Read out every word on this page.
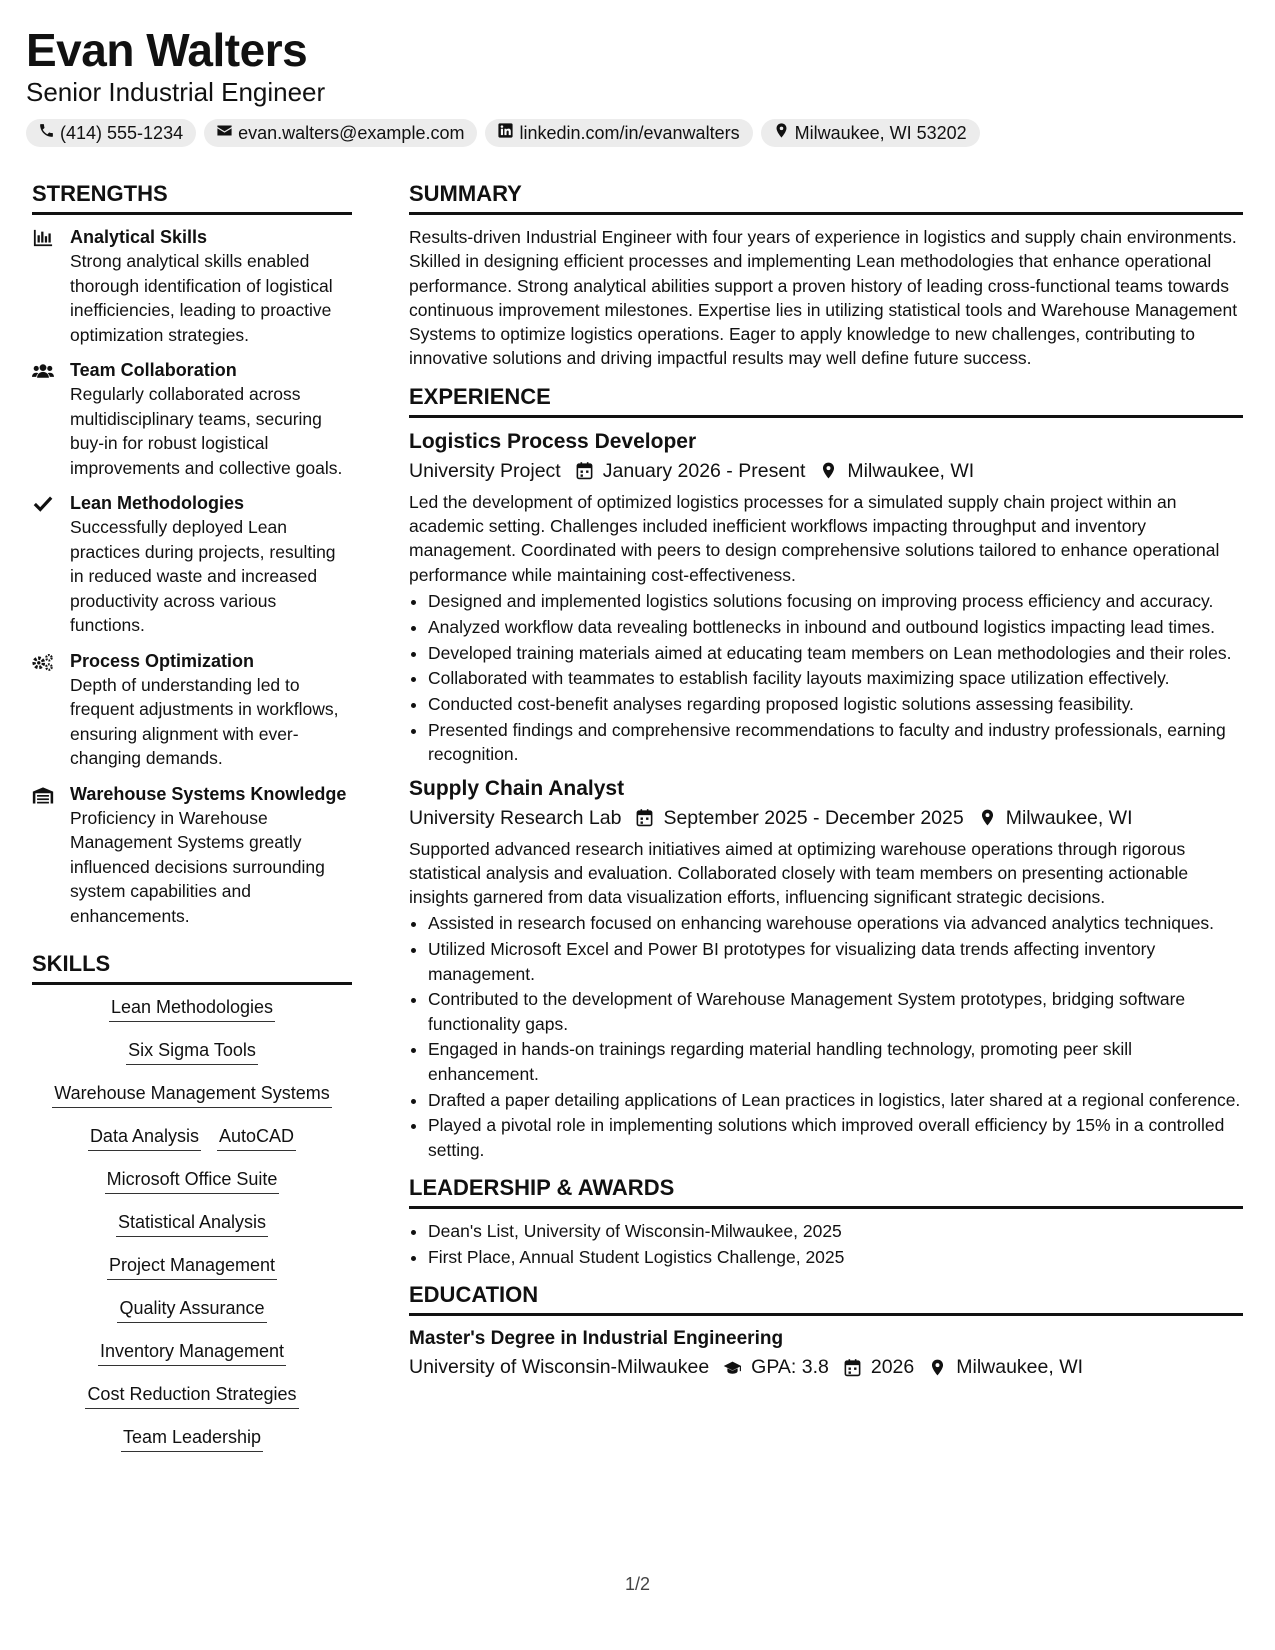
Evan Walters
Senior Industrial Engineer
(414) 555-1234	evan.walters@example.com	linkedin.com/in/evanwalters	Milwaukee, WI 53202
STRENGTHS
Analytical Skills
Strong analytical skills enabled thorough identification of logistical inefficiencies, leading to proactive optimization strategies.
Team Collaboration
Regularly collaborated across multidisciplinary teams, securing buy-in for robust logistical improvements and collective goals.
Lean Methodologies
Successfully deployed Lean practices during projects, resulting in reduced waste and increased productivity across various functions.
Process Optimization
Depth of understanding led to frequent adjustments in workflows, ensuring alignment with ever-changing demands.
Warehouse Systems Knowledge
Proficiency in Warehouse Management Systems greatly influenced decisions surrounding system capabilities and enhancements.
SKILLS
Lean Methodologies
Six Sigma Tools
Warehouse Management Systems
Data Analysis AutoCAD
Microsoft Office Suite
Statistical Analysis
Project Management
Quality Assurance
Inventory Management
Cost Reduction Strategies
Team Leadership
SUMMARY

Results-driven Industrial Engineer with four years of experience in logistics and supply chain environments. Skilled in designing efficient processes and implementing Lean methodologies that enhance operational performance. Strong analytical abilities support a proven history of leading cross-functional teams towards continuous improvement milestones. Expertise lies in utilizing statistical tools and Warehouse Management Systems to optimize logistics operations. Eager to apply knowledge to new challenges, contributing to innovative solutions and driving impactful results may well define future success.

EXPERIENCE
Logistics Process Developer
University Project January 2026 - Present Milwaukee, WI

Led the development of optimized logistics processes for a simulated supply chain project within an academic setting. Challenges included inefficient workflows impacting throughput and inventory management. Coordinated with peers to design comprehensive solutions tailored to enhance operational performance while maintaining cost-effectiveness.

• Designed and implemented logistics solutions focusing on improving process efficiency and accuracy.
• Analyzed workflow data revealing bottlenecks in inbound and outbound logistics impacting lead times.
• Developed training materials aimed at educating team members on Lean methodologies and their roles.
• Collaborated with teammates to establish facility layouts maximizing space utilization effectively.
• Conducted cost-benefit analyses regarding proposed logistic solutions assessing feasibility.
• Presented findings and comprehensive recommendations to faculty and industry professionals, earning recognition.
Supply Chain Analyst
University Research Lab September 2025 - December 2025 Milwaukee, WI

Supported advanced research initiatives aimed at optimizing warehouse operations through rigorous statistical analysis and evaluation. Collaborated closely with team members on presenting actionable insights garnered from data visualization efforts, influencing significant strategic decisions.

• Assisted in research focused on enhancing warehouse operations via advanced analytics techniques.
• Utilized Microsoft Excel and Power BI prototypes for visualizing data trends affecting inventory management.
• Contributed to the development of Warehouse Management System prototypes, bridging software functionality gaps.
• Engaged in hands-on trainings regarding material handling technology, promoting peer skill enhancement.
• Drafted a paper detailing applications of Lean practices in logistics, later shared at a regional conference.
• Played a pivotal role in implementing solutions which improved overall efficiency by 15% in a controlled setting.
LEADERSHIP & AWARDS
• Dean's List, University of Wisconsin-Milwaukee, 2025
• First Place, Annual Student Logistics Challenge, 2025
EDUCATION
Master's Degree in Industrial Engineering
University of Wisconsin-Milwaukee GPA: 3.8 2026 Milwaukee, WI
1/2
